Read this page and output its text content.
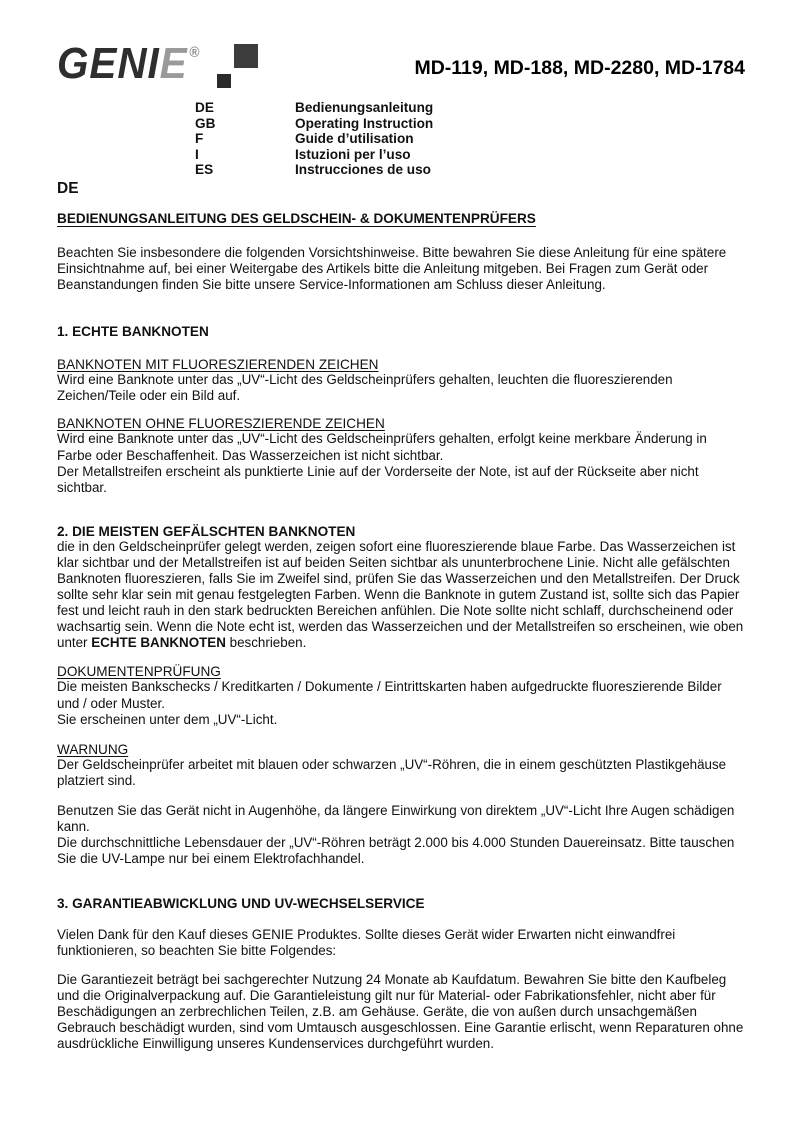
GENIE ®
MD-119, MD-188, MD-2280, MD-1784
DE	Bedienungsanleitung
GB	Operating Instruction
F	Guide d’utilisation
I	Istuzioni per l’uso
ES	Instrucciones de uso
DE
BEDIENUNGSANLEITUNG DES GELDSCHEIN- & DOKUMENTENPRÜFERS

Beachten Sie insbesondere die folgenden Vorsichtshinweise. Bitte bewahren Sie diese Anleitung für eine spätere Einsichtnahme auf, bei einer Weitergabe des Artikels bitte die Anleitung mitgeben. Bei Fragen zum Gerät oder Beanstandungen finden Sie bitte unsere Service-Informationen am Schluss dieser Anleitung.

1. ECHTE BANKNOTEN
BANKNOTEN MIT FLUORESZIERENDEN ZEICHEN

Wird eine Banknote unter das „UV“-Licht des Geldscheinprüfers gehalten, leuchten die fluoreszierenden Zeichen/Teile oder ein Bild auf.

BANKNOTEN OHNE FLUORESZIERENDE ZEICHEN

Wird eine Banknote unter das „UV“-Licht des Geldscheinprüfers gehalten, erfolgt keine merkbare Änderung in Farbe oder Beschaffenheit. Das Wasserzeichen ist nicht sichtbar.

Der Metallstreifen erscheint als punktierte Linie auf der Vorderseite der Note, ist auf der Rückseite aber nicht sichtbar.

2. DIE MEISTEN GEFÄLSCHTEN BANKNOTEN

die in den Geldscheinprüfer gelegt werden, zeigen sofort eine fluoreszierende blaue Farbe. Das Wasserzeichen ist klar sichtbar und der Metallstreifen ist auf beiden Seiten sichtbar als ununterbrochene Linie. Nicht alle gefälschten Banknoten fluoreszieren, falls Sie im Zweifel sind, prüfen Sie das Wasserzeichen und den Metallstreifen. Der Druck sollte sehr klar sein mit genau festgelegten Farben. Wenn die Banknote in gutem Zustand ist, sollte sich das Papier fest und leicht rauh in den stark bedruckten Bereichen anfühlen. Die Note sollte nicht schlaff, durchscheinend oder wachsartig sein. Wenn die Note echt ist, werden das Wasserzeichen und der Metallstreifen so erscheinen, wie oben unter ECHTE BANKNOTEN beschrieben.

DOKUMENTENPRÜFUNG

Die meisten Bankschecks / Kreditkarten / Dokumente / Eintrittskarten haben aufgedruckte fluoreszierende Bilder und / oder Muster.

Sie erscheinen unter dem „UV“-Licht.

WARNUNG

Der Geldscheinprüfer arbeitet mit blauen oder schwarzen „UV“-Röhren, die in einem geschützten Plastikgehäuse platziert sind.

Benutzen Sie das Gerät nicht in Augenhöhe, da längere Einwirkung von direktem „UV“-Licht Ihre Augen schädigen kann.

Die durchschnittliche Lebensdauer der „UV“-Röhren beträgt 2.000 bis 4.000 Stunden Dauereinsatz. Bitte tauschen Sie die UV-Lampe nur bei einem Elektrofachhandel.

3. GARANTIEABWICKLUNG UND UV-WECHSELSERVICE

Vielen Dank für den Kauf dieses GENIE Produktes. Sollte dieses Gerät wider Erwarten nicht einwandfrei funktionieren, so beachten Sie bitte Folgendes:

Die Garantiezeit beträgt bei sachgerechter Nutzung 24 Monate ab Kaufdatum. Bewahren Sie bitte den Kaufbeleg und die Originalverpackung auf. Die Garantieleistung gilt nur für Material- oder Fabrikationsfehler, nicht aber für Beschädigungen an zerbrechlichen Teilen, z.B. am Gehäuse. Geräte, die von außen durch unsachgemäßen Gebrauch beschädigt wurden, sind vom Umtausch ausgeschlossen. Eine Garantie erlischt, wenn Reparaturen ohne ausdrückliche Einwilligung unseres Kundenservices durchgeführt wurden.
